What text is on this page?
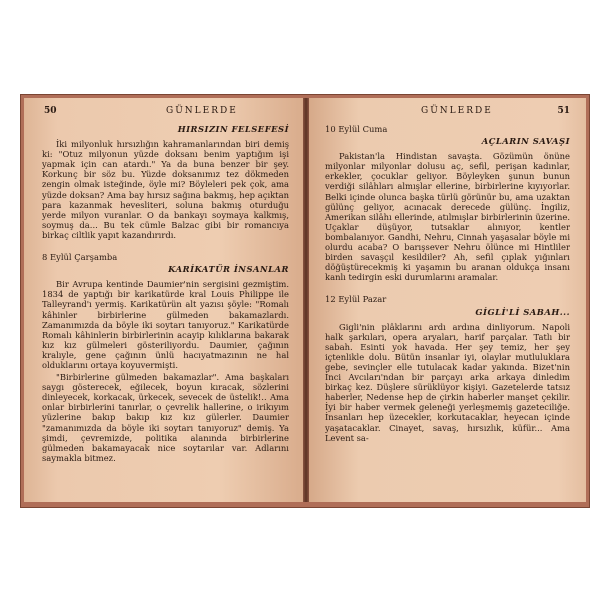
50	GÜNLERDE
HIRSIZIN FELSEFESİ

İki milyonluk hırsızlığın kahramanlarından biri demiş ki: "Otuz milyonun yüzde doksanı benim yaptığım işi yapmak için can atardı." Ya da buna benzer bir şey. Korkunç bir söz bu. Yüzde doksanımız tez dökmeden zengin olmak isteğinde, öyle mi? Böyleleri pek çok, ama yüzde doksan? Ama bay hırsız sağına bakmış, hep açıktan para kazanmak hevesliteri, soluna bakmış oturduğu yerde milyon vuranlar. O da bankayı soymaya kalkmış, soymuş da... Bu tek cümle Balzac gibi bir romancıya birkaç ciltlik yapıt kazandırırdı.

8 Eylül Çarşamba
KARİKATÜR İNSANLAR

Bir Avrupa kentinde Daumier'nin sergisini gezmiştim. 1834 de yaptığı bir karikatürde kral Louis Philippe ile Talleyrand'ı yermiş. Karikatürün alt yazısı şöyle: "Romalı kâhinler birbirlerine gülmeden bakamazlardı. Zamanımızda da böyle iki soytarı tanıyoruz." Karikatürde Romalı kâhinlerin birbirlerinin acayip kılıklarına bakarak kız kız gülmeleri gösteriliyordu. Daumier, çağının kralıyle, gene çağının ünlü hacıyatmazının ne hal olduklarını ortaya koyuvermişti.

"Birbirlerine gülmeden bakamazlar". Ama başkaları saygı gösterecek, eğilecek, boyun kıracak, sözlerini dinleyecek, korkacak, ürkecek, sevecek de üstelik!.. Ama onlar birbirlerini tanırlar, o çevrelik hallerine, o irikıyım yüzlerine bakıp bakıp kız kız gülerler. Daumier "zamanımızda da böyle iki soytarı tanıyoruz" demiş. Ya şimdi, çevremizde, politika alanında birbirlerine gülmeden bakamayacak nice soytarılar var. Adlarını saymakla bitmez.

GÜNLERDE	51
10 Eylül Cuma
AÇLARIN SAVAŞI

Pakistan'la Hindistan savaşta. Gözümün önüne milyonlar milyonlar dolusu aç, sefil, perişan kadınlar, erkekler, çocuklar geliyor. Böyleyken şunun bunun verdiği silâhları almışlar ellerine, birbirlerine kıyıyorlar. Belki içinde olunca başka türlü görünür bu, ama uzaktan gülünç geliyor, acınacak derecede gülünç. İngiliz, Amerikan silâhı ellerinde, atılmışlar birbirlerinin üzerine. Uçaklar düşüyor, tutsaklar alınıyor, kentler bombalanıyor. Gandhi, Nehru, Cinnah yaşasalar böyle mi olurdu acaba? O barışsever Nehru ölünce mi Hintliler birden savaşçıl kesildiler? Ah, sefil çıplak yığınları döğüştürecekmiş ki yaşamın bu aranan oldukça insanı kanlı tedirgin eski durumlarını aramalar.

12 Eylül Pazar
GİGLİ'Lİ SABAH...

Gigli'nin plâklarını ardı ardına dinliyorum. Napoli halk şarkıları, opera aryaları, harif parçalar. Tatlı bir sabah. Esinti yok havada. Her şey temiz, her şey içtenlikle dolu. Bütün insanlar iyi, olaylar mutluluklara gebe, sevinçler elle tutulacak kadar yakında. Bizet'nin İnci Avcıları'ndan bir parçayı arka arkaya dinledim birkaç kez. Düşlere sürüklüyor kişiyi. Gazetelerde tatsız haberler, Nedense hep de çirkin haberler manşet çekilir. İyi bir haber vermek geleneği yerleşmemiş gazeteciliğe. İnsanları hep üzecekler, korkutacaklar, heyecan içinde yaşatacaklar. Cinayet, savaş, hırsızlık, küfür... Ama Levent sa-
